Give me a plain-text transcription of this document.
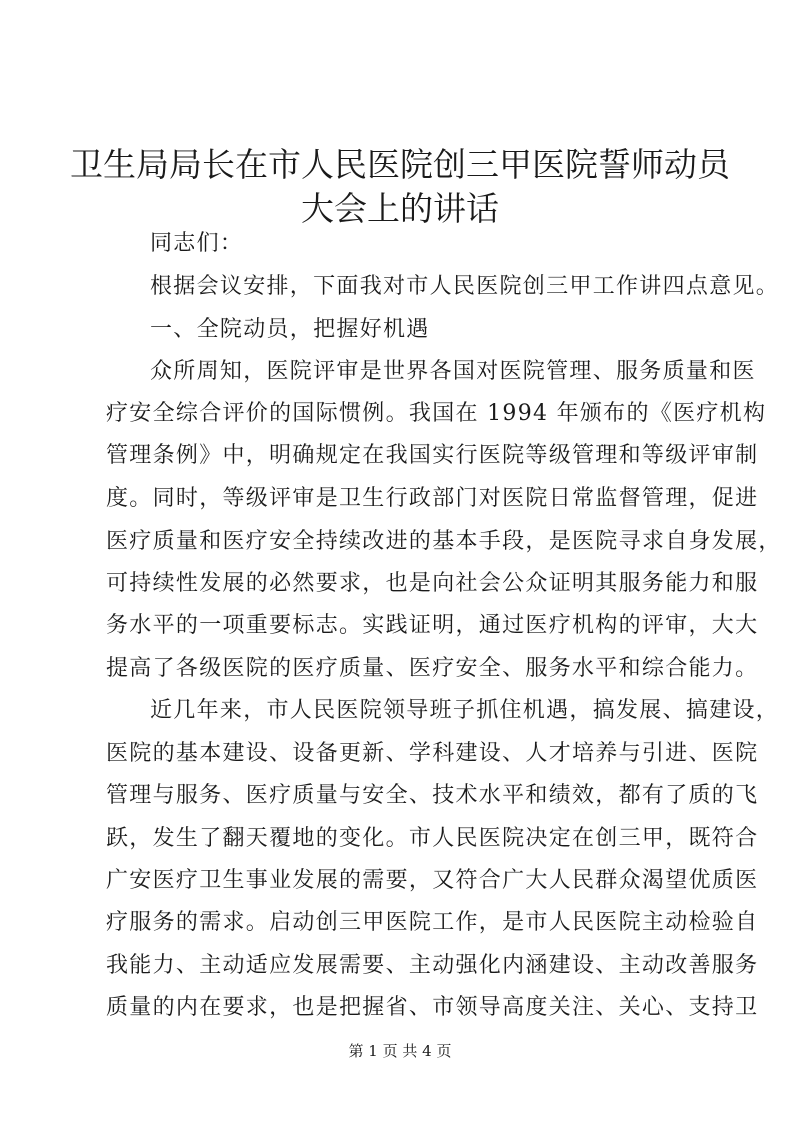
卫生局局长在市人民医院创三甲医院誓师动员
大会上的讲话
同志们：
根据会议安排，下面我对市人民医院创三甲工作讲四点意见。
一、全院动员，把握好机遇
众所周知，医院评审是世界各国对医院管理、服务质量和医
疗安全综合评价的国际惯例。我国在 1994 年颁布的《医疗机构
管理条例》中，明确规定在我国实行医院等级管理和等级评审制
度。同时，等级评审是卫生行政部门对医院日常监督管理，促进
医疗质量和医疗安全持续改进的基本手段，是医院寻求自身发展，
可持续性发展的必然要求，也是向社会公众证明其服务能力和服
务水平的一项重要标志。实践证明，通过医疗机构的评审，大大
提高了各级医院的医疗质量、医疗安全、服务水平和综合能力。
近几年来，市人民医院领导班子抓住机遇，搞发展、搞建设，
医院的基本建设、设备更新、学科建设、人才培养与引进、医院
管理与服务、医疗质量与安全、技术水平和绩效，都有了质的飞
跃，发生了翻天覆地的变化。市人民医院决定在创三甲，既符合
广安医疗卫生事业发展的需要，又符合广大人民群众渴望优质医
疗服务的需求。启动创三甲医院工作，是市人民医院主动检验自
我能力、主动适应发展需要、主动强化内涵建设、主动改善服务
质量的内在要求，也是把握省、市领导高度关注、关心、支持卫
第 1 页 共 4 页
